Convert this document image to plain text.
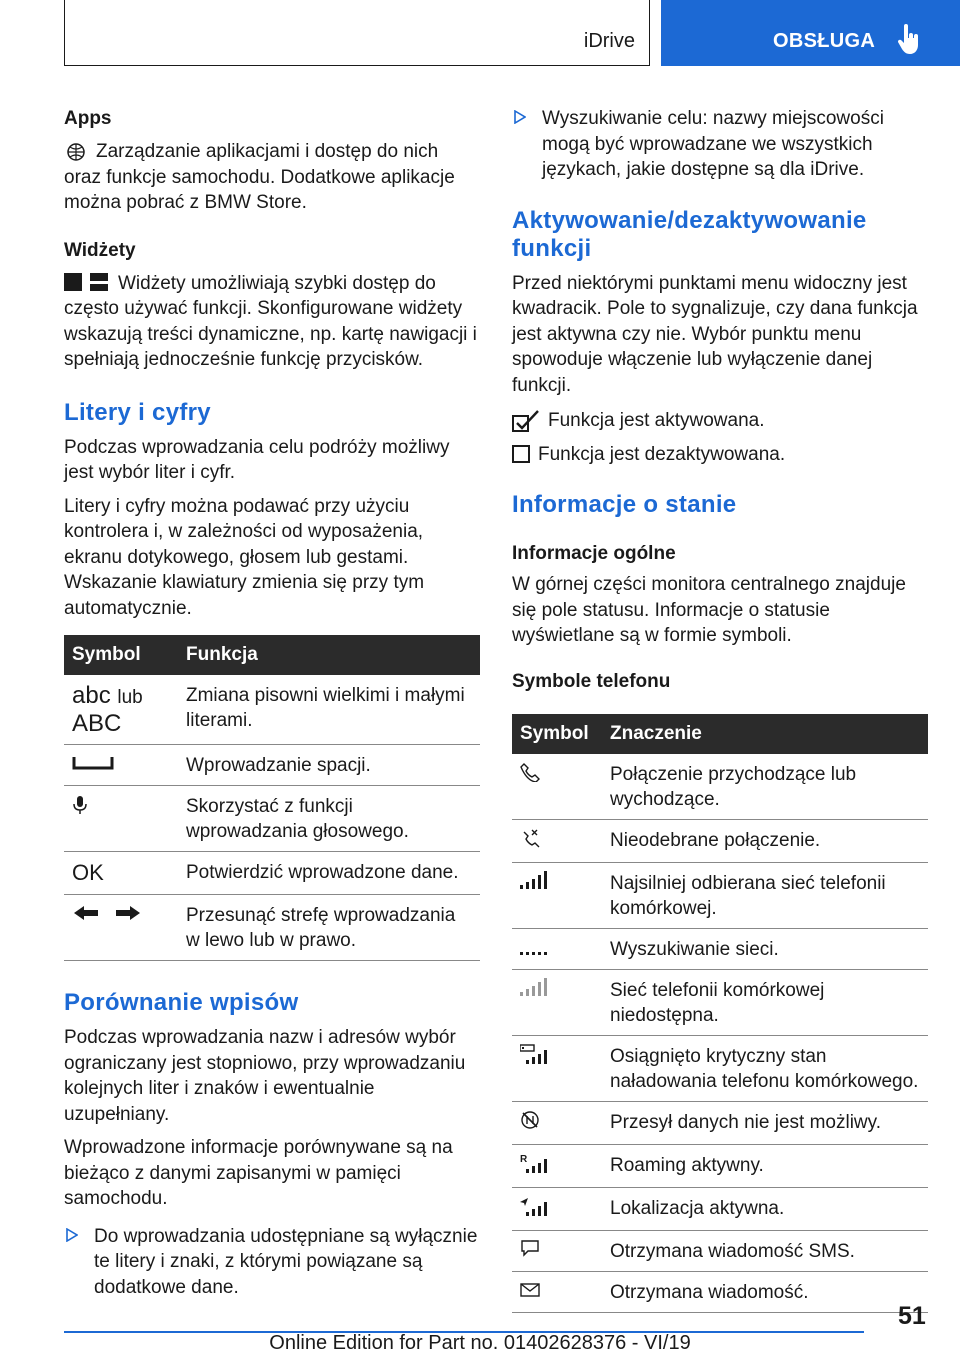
iDrive	OBSŁUGA
Apps

Zarządzanie aplikacjami i dostęp do nich oraz funkcje samochodu. Dodatkowe aplikacje można pobrać z BMW Store.

Widżety

Widżety umożliwiają szybki dostęp do często używać funkcji. Skonfigurowane widżety wskazują treści dynamiczne, np. kartę nawigacji i spełniają jednocześnie funkcję przycisków.

Litery i cyfry

Podczas wprowadzania celu podróży możliwy jest wybór liter i cyfr.

Litery i cyfry można podawać przy użyciu kontrolera i, w zależności od wyposażenia, ekranu dotykowego, głosem lub gestami. Wskazanie klawiatury zmienia się przy tym automatycznie.

Symbol	Funkcja

abc lub
ABC	Zmiana pisowni wielkimi i małymi literami.
	Wprowadzanie spacji.
	Skorzystać z funkcji wprowadzania głosowego.
OK	Potwierdzić wprowadzone dane.
	Przesunąć strefę wprowadzania w lewo lub w prawo.
Porównanie wpisów

Podczas wprowadzania nazw i adresów wybór ograniczany jest stopniowo, przy wprowadzaniu kolejnych liter i znaków i ewentualnie uzupełniany.

Wprowadzone informacje porównywane są na bieżąco z danymi zapisanymi w pamięci samochodu.

Do wprowadzania udostępniane są wyłącznie te litery i znaki, z którymi powiązane są dodatkowe dane.
Wyszukiwanie celu: nazwy miejscowości mogą być wprowadzane we wszystkich językach, jakie dostępne są dla iDrive.
Aktywowanie/dezaktywowanie funkcji

Przed niektórymi punktami menu widoczny jest kwadracik. Pole to sygnalizuje, czy dana funkcja jest aktywna czy nie. Wybór punktu menu spowoduje włączenie lub wyłączenie danej funkcji.

Funkcja jest aktywowana.

Funkcja jest dezaktywowana.

Informacje o stanie
Informacje ogólne

W górnej części monitora centralnego znajduje się pole statusu. Informacje o statusie wyświetlane są w formie symboli.

Symbole telefonu
Symbol	Znaczenie
	Połączenie przychodzące lub wychodzące.
	Nieodebrane połączenie.
	Najsilniej odbierana sieć telefonii komórkowej.
	Wyszukiwanie sieci.
	Sieć telefonii komórkowej niedostępna.
	Osiągnięto krytyczny stan naładowania telefonu komórkowego.
	Przesył danych nie jest możliwy.

R	Roaming aktywny.
	Lokalizacja aktywna.
	Otrzymana wiadomość SMS.
	Otrzymana wiadomość.
51
Online Edition for Part no. 01402628376 - VI/19
